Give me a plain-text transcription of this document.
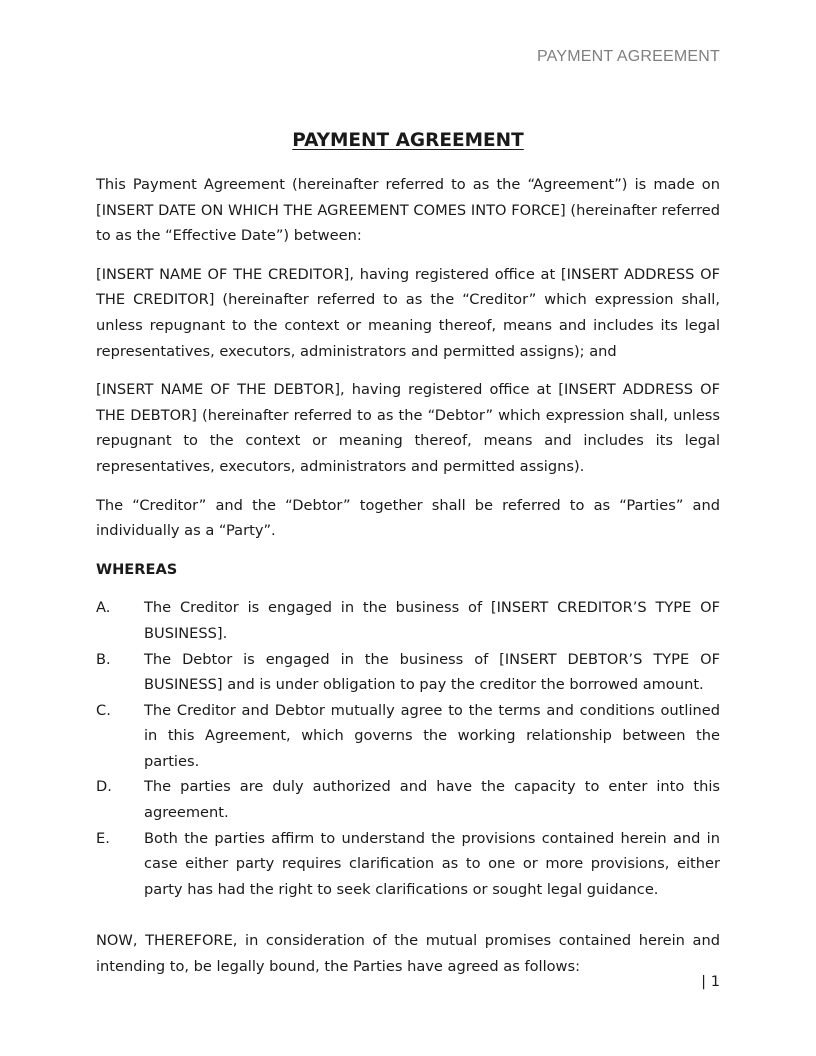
PAYMENT AGREEMENT
PAYMENT AGREEMENT

This Payment Agreement (hereinafter referred to as the “Agreement”) is made on [INSERT DATE ON WHICH THE AGREEMENT COMES INTO FORCE] (hereinafter referred to as the “Effective Date”) between:

[INSERT NAME OF THE CREDITOR], having registered office at [INSERT ADDRESS OF THE CREDITOR] (hereinafter referred to as the “Creditor” which expression shall, unless repugnant to the context or meaning thereof, means and includes its legal representatives, executors, administrators and permitted assigns); and

[INSERT NAME OF THE DEBTOR], having registered office at [INSERT ADDRESS OF THE DEBTOR] (hereinafter referred to as the “Debtor” which expression shall, unless repugnant to the context or meaning thereof, means and includes its legal representatives, executors, administrators and permitted assigns).

The “Creditor” and the “Debtor” together shall be referred to as “Parties” and individually as a “Party”.

WHEREAS
A.	The Creditor is engaged in the business of [INSERT CREDITOR’S TYPE OF BUSINESS].
B.	The Debtor is engaged in the business of [INSERT DEBTOR’S TYPE OF BUSINESS] and is under obligation to pay the creditor the borrowed amount.
C.	The Creditor and Debtor mutually agree to the terms and conditions outlined in this Agreement, which governs the working relationship between the parties.
D.	The parties are duly authorized and have the capacity to enter into this agreement.
E.	Both the parties affirm to understand the provisions contained herein and in case either party requires clarification as to one or more provisions, either party has had the right to seek clarifications or sought legal guidance.

NOW, THEREFORE, in consideration of the mutual promises contained herein and intending to, be legally bound, the Parties have agreed as follows:

| 1
